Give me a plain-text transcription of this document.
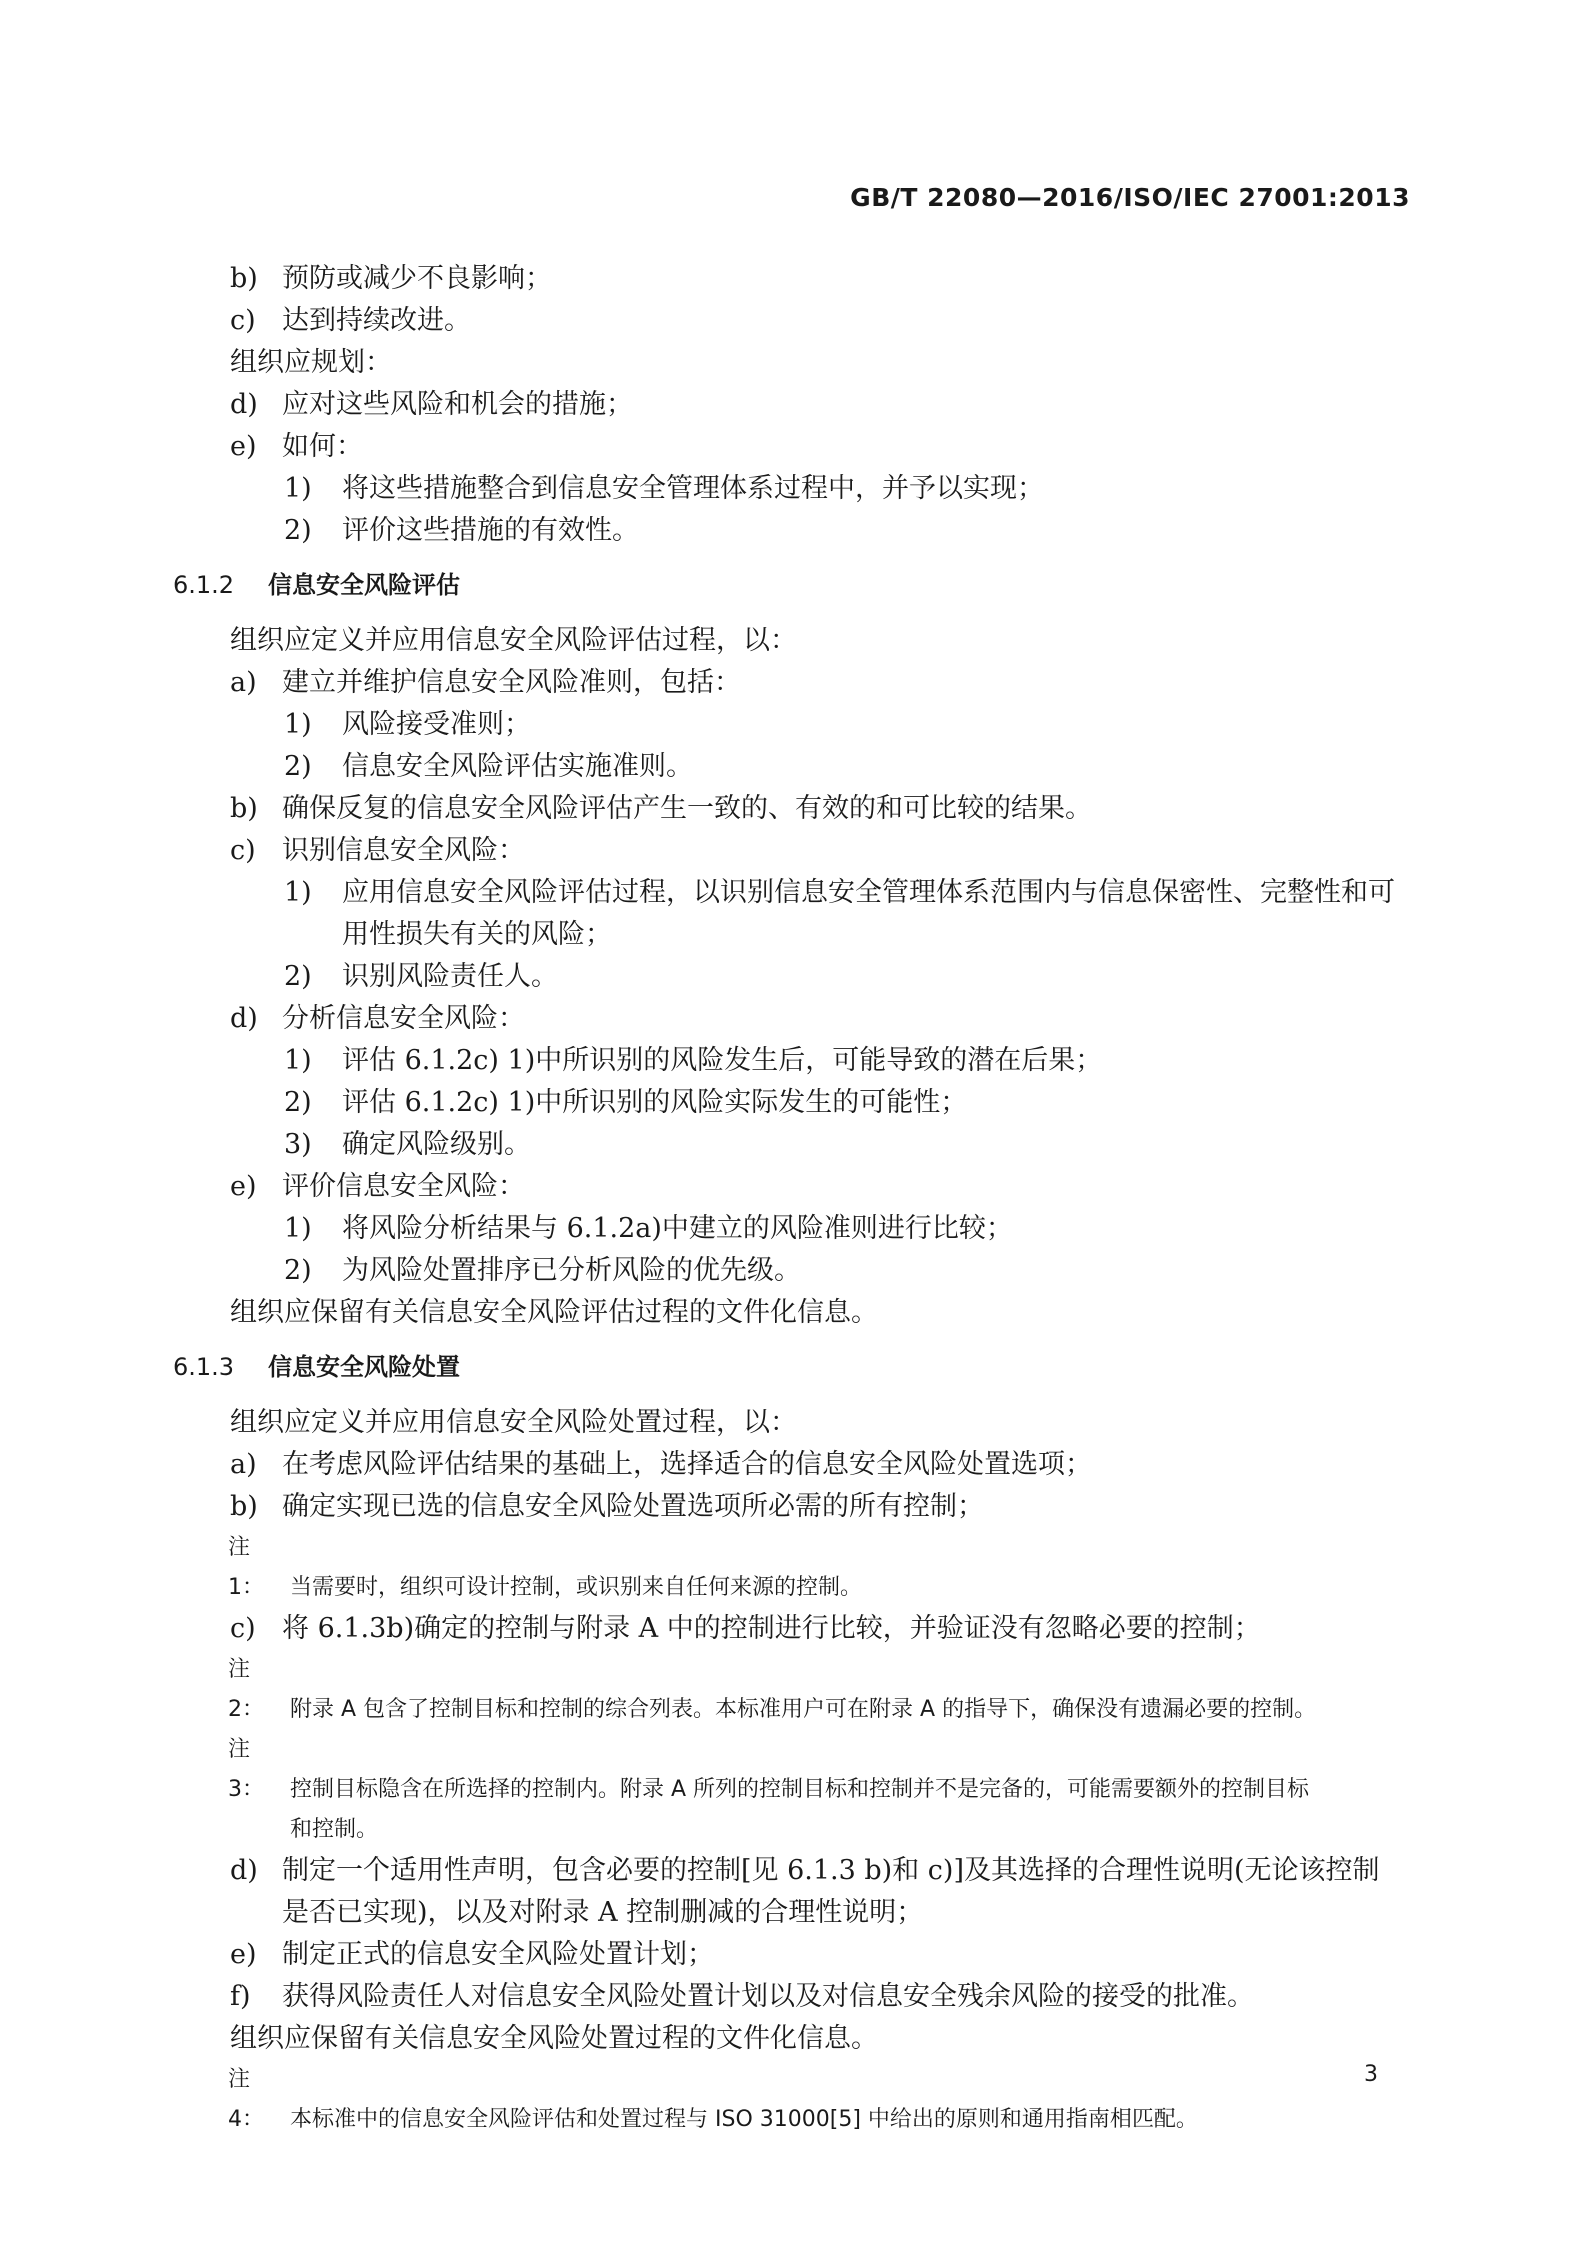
GB/T 22080—2016/ISO/IEC 27001:2013
b) 预防或减少不良影响；
c) 达到持续改进。
组织应规划：
d) 应对这些风险和机会的措施；
e) 如何：
1)	将这些措施整合到信息安全管理体系过程中，并予以实现；
2)	评价这些措施的有效性。
6.1.2 信息安全风险评估
组织应定义并应用信息安全风险评估过程，以：
a) 建立并维护信息安全风险准则，包括：
1)	风险接受准则；
2)	信息安全风险评估实施准则。
b) 确保反复的信息安全风险评估产生一致的、有效的和可比较的结果。
c) 识别信息安全风险：
1)	应用信息安全风险评估过程，以识别信息安全管理体系范围内与信息保密性、完整性和可用性损失有关的风险；
2)	识别风险责任人。
d) 分析信息安全风险：
1)	评估 6.1.2c) 1)中所识别的风险发生后，可能导致的潜在后果；
2)	评估 6.1.2c) 1)中所识别的风险实际发生的可能性；
3)	确定风险级别。
e) 评价信息安全风险：
1)	将风险分析结果与 6.1.2a)中建立的风险准则进行比较；
2)	为风险处置排序已分析风险的优先级。
组织应保留有关信息安全风险评估过程的文件化信息。
6.1.3 信息安全风险处置
组织应定义并应用信息安全风险处置过程，以：
a) 在考虑风险评估结果的基础上，选择适合的信息安全风险处置选项；
b) 确定实现已选的信息安全风险处置选项所必需的所有控制；
注 1： 当需要时，组织可设计控制，或识别来自任何来源的控制。
c) 将 6.1.3b)确定的控制与附录 A 中的控制进行比较，并验证没有忽略必要的控制；
注 2： 附录 A 包含了控制目标和控制的综合列表。本标准用户可在附录 A 的指导下，确保没有遗漏必要的控制。
注 3： 控制目标隐含在所选择的控制内。附录 A 所列的控制目标和控制并不是完备的，可能需要额外的控制目标
和控制。
d) 制定一个适用性声明，包含必要的控制[见 6.1.3 b)和 c)]及其选择的合理性说明(无论该控制
是否已实现)，以及对附录 A 控制删减的合理性说明；
e) 制定正式的信息安全风险处置计划；
f)	获得风险责任人对信息安全风险处置计划以及对信息安全残余风险的接受的批准。
组织应保留有关信息安全风险处置过程的文件化信息。
注 4： 本标准中的信息安全风险评估和处置过程与 ISO 31000[5] 中给出的原则和通用指南相匹配。
3
